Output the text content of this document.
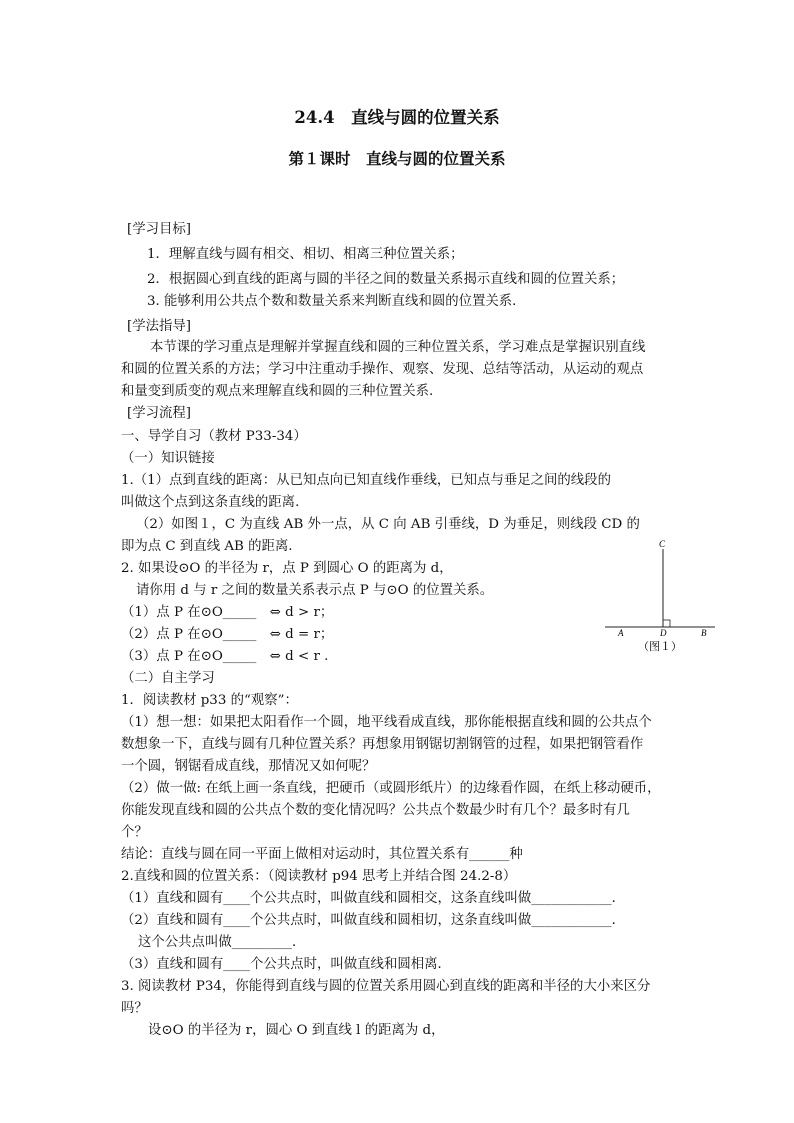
24.4　直线与圆的位置关系
第１课时　直线与圆的位置关系
[学习目标]
1．理解直线与圆有相交、相切、相离三种位置关系；
2．根据圆心到直线的距离与圆的半径之间的数量关系揭示直线和圆的位置关系；
3. 能够利用公共点个数和数量关系来判断直线和圆的位置关系．
[学法指导]
本节课的学习重点是理解并掌握直线和圆的三种位置关系，学习难点是掌握识别直线
和圆的位置关系的方法；学习中注重动手操作、观察、发现、总结等活动，从运动的观点
和量变到质变的观点来理解直线和圆的三种位置关系.
[学习流程]
一、导学自习（教材 P33-34）
（一）知识链接
1.（1）点到直线的距离：从已知点向已知直线作垂线，已知点与垂足之间的线段的
叫做这个点到这条直线的距离.
（2）如图１，C 为直线 AB 外一点，从 C 向 AB 引垂线，D 为垂足，则线段 CD 的
即为点 C 到直线 AB 的距离.
2. 如果设⊙O 的半径为 r，点 P 到圆心 O 的距离为 d，
请你用 d 与 r 之间的数量关系表示点 P 与⊙O 的位置关系。
（1）点 P 在⊙O_____　⇔ d > r；
（2）点 P 在⊙O_____　⇔ d = r；
（3）点 P 在⊙O_____　⇔ d < r .
（二）自主学习
1．阅读教材 p33 的“观察”：
（1）想一想：如果把太阳看作一个圆，地平线看成直线，那你能根据直线和圆的公共点个
数想象一下，直线与圆有几种位置关系？再想象用钢锯切割钢管的过程，如果把钢管看作
一个圆，钢锯看成直线，那情况又如何呢？
（2）做一做: 在纸上画一条直线，把硬币（或圆形纸片）的边缘看作圆，在纸上移动硬币，
你能发现直线和圆的公共点个数的变化情况吗？公共点个数最少时有几个？最多时有几
个？
结论：直线与圆在同一平面上做相对运动时，其位置关系有______种
2.直线和圆的位置关系：（阅读教材 p94 思考上并结合图 24.2-8）
（1）直线和圆有____个公共点时，叫做直线和圆相交，这条直线叫做____________．
（2）直线和圆有____个公共点时，叫做直线和圆相切，这条直线叫做____________．
这个公共点叫做_________．
（3）直线和圆有____个公共点时，叫做直线和圆相离．
3. 阅读教材 P34，你能得到直线与圆的位置关系用圆心到直线的距离和半径的大小来区分
吗？
设⊙O 的半径为 r，圆心 O 到直线 l 的距离为 d，
C
A	D	B
（图１）
